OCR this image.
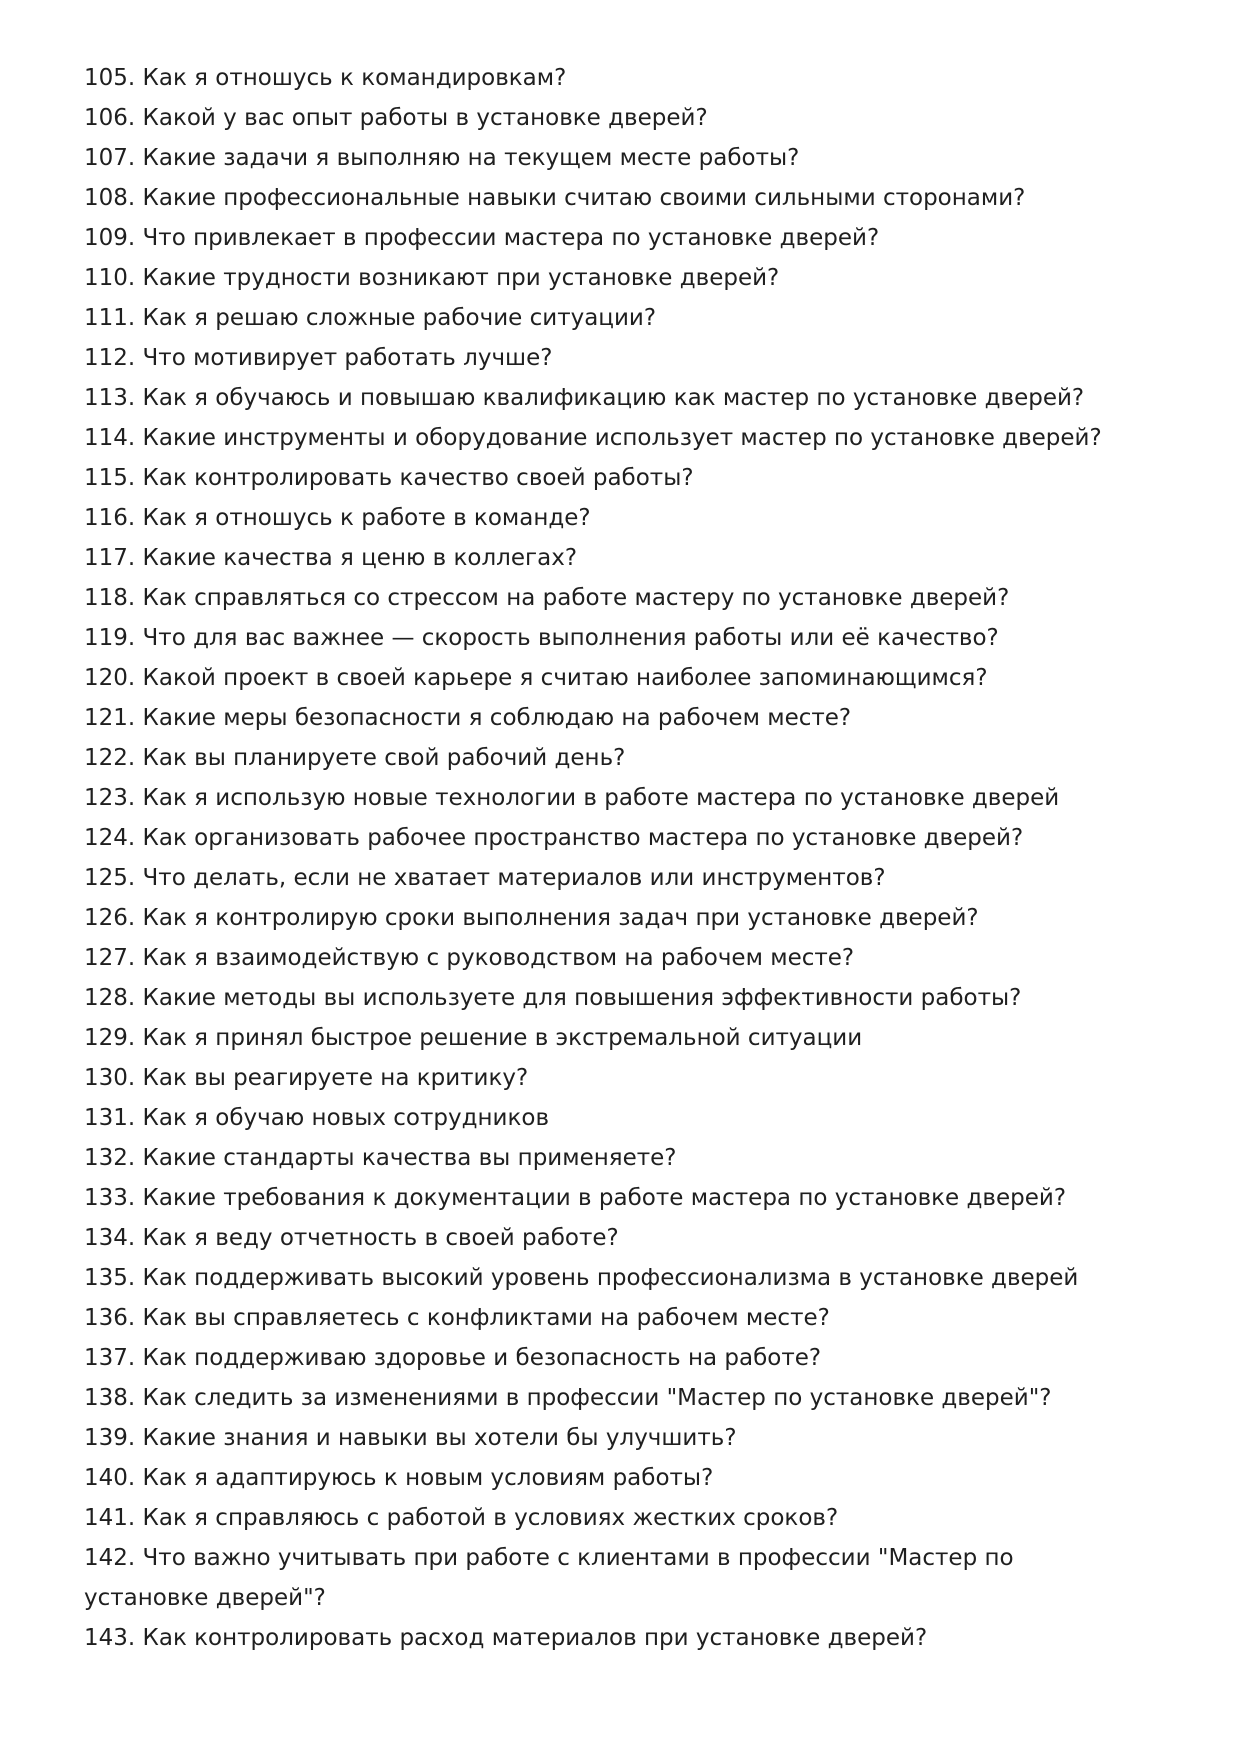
105. Как я отношусь к командировкам?
106. Какой у вас опыт работы в установке дверей?
107. Какие задачи я выполняю на текущем месте работы?
108. Какие профессиональные навыки считаю своими сильными сторонами?
109. Что привлекает в профессии мастера по установке дверей?
110. Какие трудности возникают при установке дверей?
111. Как я решаю сложные рабочие ситуации?
112. Что мотивирует работать лучше?
113. Как я обучаюсь и повышаю квалификацию как мастер по установке дверей?
114. Какие инструменты и оборудование использует мастер по установке дверей?
115. Как контролировать качество своей работы?
116. Как я отношусь к работе в команде?
117. Какие качества я ценю в коллегах?
118. Как справляться со стрессом на работе мастеру по установке дверей?
119. Что для вас важнее — скорость выполнения работы или её качество?
120. Какой проект в своей карьере я считаю наиболее запоминающимся?
121. Какие меры безопасности я соблюдаю на рабочем месте?
122. Как вы планируете свой рабочий день?
123. Как я использую новые технологии в работе мастера по установке дверей
124. Как организовать рабочее пространство мастера по установке дверей?
125. Что делать, если не хватает материалов или инструментов?
126. Как я контролирую сроки выполнения задач при установке дверей?
127. Как я взаимодействую с руководством на рабочем месте?
128. Какие методы вы используете для повышения эффективности работы?
129. Как я принял быстрое решение в экстремальной ситуации
130. Как вы реагируете на критику?
131. Как я обучаю новых сотрудников
132. Какие стандарты качества вы применяете?
133. Какие требования к документации в работе мастера по установке дверей?
134. Как я веду отчетность в своей работе?
135. Как поддерживать высокий уровень профессионализма в установке дверей
136. Как вы справляетесь с конфликтами на рабочем месте?
137. Как поддерживаю здоровье и безопасность на работе?
138. Как следить за изменениями в профессии "Мастер по установке дверей"?
139. Какие знания и навыки вы хотели бы улучшить?
140. Как я адаптируюсь к новым условиям работы?
141. Как я справляюсь с работой в условиях жестких сроков?
142. Что важно учитывать при работе с клиентами в профессии "Мастер по установке дверей"?
143. Как контролировать расход материалов при установке дверей?
